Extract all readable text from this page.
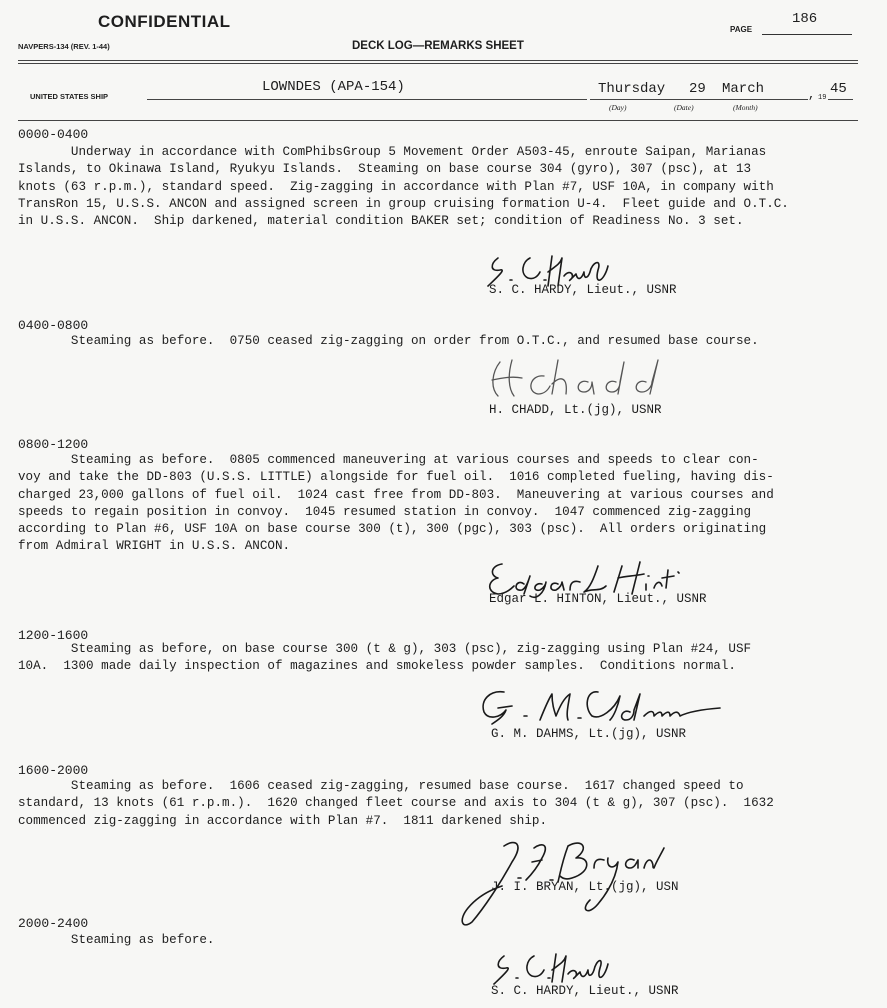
CONFIDENTIAL	PAGE
186
NAVPERS-134 (REV. 1-44)	DECK LOG—REMARKS SHEET
UNITED STATES SHIP
LOWNDES (APA-154)	Thursday 29 March	, 19
45
(Day)	(Date)	(Month)
0000-0400
Underway in accordance with ComPhibsGroup 5 Movement Order A503-45, enroute Saipan, Marianas
Islands, to Okinawa Island, Ryukyu Islands.  Steaming on base course 304 (gyro), 307 (psc), at 13
knots (63 r.p.m.), standard speed.  Zig-zagging in accordance with Plan #7, USF 10A, in company with
TransRon 15, U.S.S. ANCON and assigned screen in group cruising formation U-4.  Fleet guide and O.T.C.
in U.S.S. ANCON.  Ship darkened, material condition BAKER set; condition of Readiness No. 3 set.
S. C. HARDY, Lieut., USNR
0400-0800
Steaming as before.  0750 ceased zig-zagging on order from O.T.C., and resumed base course.
H. CHADD, Lt.(jg), USNR
0800-1200
Steaming as before.  0805 commenced maneuvering at various courses and speeds to clear con-
voy and take the DD-803 (U.S.S. LITTLE) alongside for fuel oil.  1016 completed fueling, having dis-
charged 23,000 gallons of fuel oil.  1024 cast free from DD-803.  Maneuvering at various courses and
speeds to regain position in convoy.  1045 resumed station in convoy.  1047 commenced zig-zagging
according to Plan #6, USF 10A on base course 300 (t), 300 (pgc), 303 (psc).  All orders originating
from Admiral WRIGHT in U.S.S. ANCON.
Edgar L. HINTON, Lieut., USNR
1200-1600
Steaming as before, on base course 300 (t & g), 303 (psc), zig-zagging using Plan #24, USF
10A.  1300 made daily inspection of magazines and smokeless powder samples.  Conditions normal.
G. M. DAHMS, Lt.(jg), USNR
1600-2000
Steaming as before.  1606 ceased zig-zagging, resumed base course.  1617 changed speed to
standard, 13 knots (61 r.p.m.).  1620 changed fleet course and axis to 304 (t & g), 307 (psc).  1632
commenced zig-zagging in accordance with Plan #7.  1811 darkened ship.
J. I. BRYAN, Lt.(jg), USN
2000-2400
Steaming as before.
S. C. HARDY, Lieut., USNR
